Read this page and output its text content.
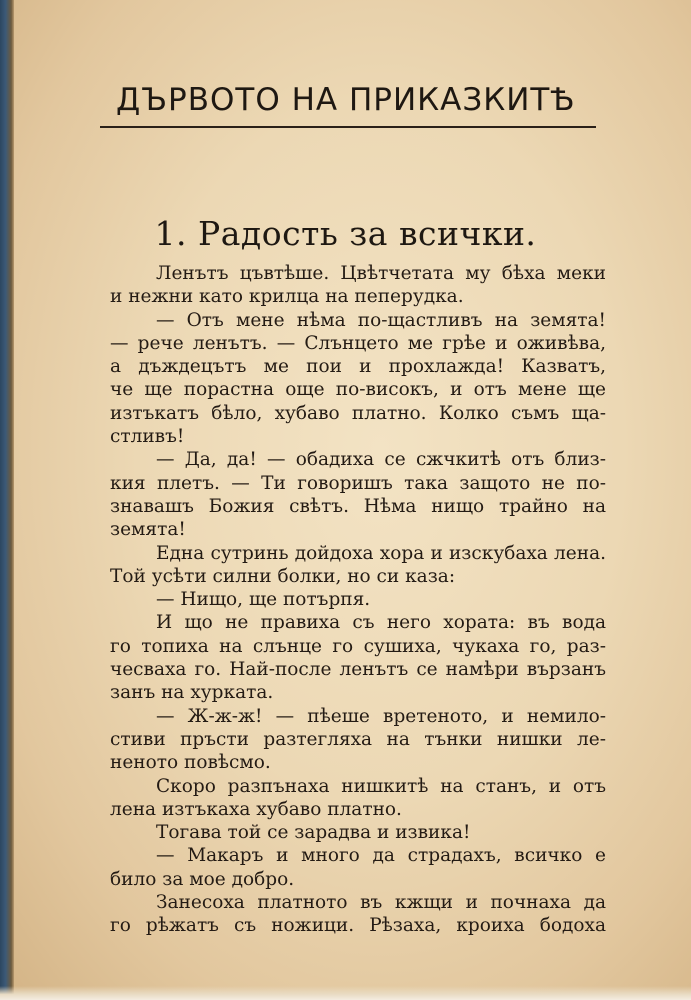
ДЪРВОТО НА ПРИКАЗКИТѢ
1. Радость за всички.
Ленътъ цъвтѣше. Цвѣтчетата му бѣха меки
и нежни като крилца на пеперудка.
— Отъ мене нѣма по-щастливъ на земята!
— рече ленътъ. — Слънцето ме грѣе и оживѣва,
а дъждецътъ ме пои и прохлажда! Казватъ,
че ще порастна още по-високъ, и отъ мене ще
изтъкатъ бѣло, хубаво платно. Колко съмъ ща-
стливъ!
— Да, да! — обадиха се сжчкитѣ отъ близ-
кия плетъ. — Ти говоришъ така защото не по-
знавашъ Божия свѣтъ. Нѣма нищо трайно на
земята!
Една сутринь дойдоха хора и изскубаха лена.
Той усѣти силни болки, но си каза:
— Нищо, ще потърпя.
И що не правиха съ него хората: въ вода
го топиха на слънце го сушиха, чукаха го, раз-
чесваха го. Най-после ленътъ се намѣри вързанъ
занъ на хурката.
— Ж-ж-ж! — пѣеше вретеното, и немило-
стиви пръсти разтегляха на тънки нишки ле-
неното повѣсмо.
Скоро разпънаха нишкитѣ на станъ, и отъ
лена изтъкаха хубаво платно.
Тогава той се зарадва и извика!
— Макаръ и много да страдахъ, всичко е
било за мое добро.
Занесоха платното въ кжщи и почнаха да
го рѣжатъ съ ножици. Рѣзаха, кроиха бодоха
